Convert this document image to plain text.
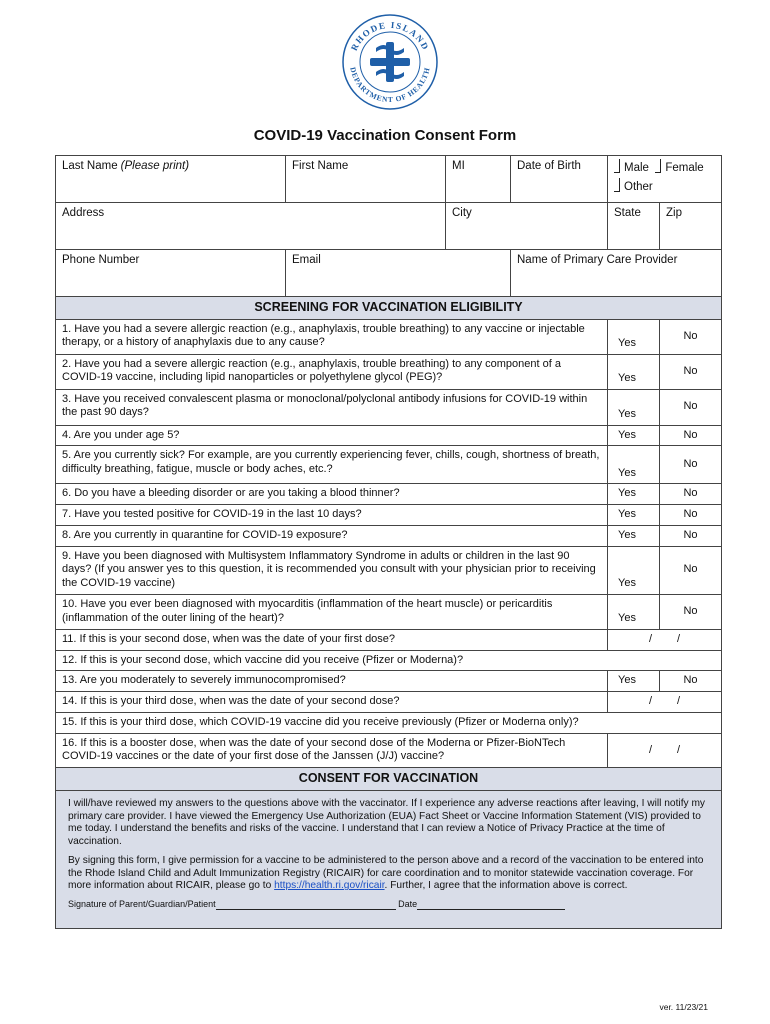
RHODE ISLAND
DEPARTMENT OF HEALTH
COVID-19 Vaccination Consent Form
Last Name (Please print)	First Name	MI	Date of Birth	Male Female
Other	

Address		City		State	Zip
Phone Number	Email		Name of Primary Care Provider		
SCREENING FOR VACCINATION ELIGIBILITY					
1. Have you had a severe allergic reaction (e.g., anaphylaxis, trouble breathing) to any vaccine or injectable therapy, or a history of anaphylaxis due to any cause?				Yes	No
2. Have you had a severe allergic reaction (e.g., anaphylaxis, trouble breathing) to any component of a COVID-19 vaccine, including lipid nanoparticles or polyethylene glycol (PEG)?				Yes	No
3. Have you received convalescent plasma or monoclonal/polyclonal antibody infusions for COVID-19 within the past 90 days?				Yes	No
4. Are you under age 5?				Yes	No
5. Are you currently sick? For example, are you currently experiencing fever, chills, cough, shortness of breath, difficulty breathing, fatigue, muscle or body aches, etc.?				Yes	No
6. Do you have a bleeding disorder or are you taking a blood thinner?				Yes	No
7. Have you tested positive for COVID-19 in the last 10 days?				Yes	No
8. Are you currently in quarantine for COVID-19 exposure?				Yes	No
9. Have you been diagnosed with Multisystem Inflammatory Syndrome in adults or children in the last 90 days? (If you answer yes to this question, it is recommended you consult with your physician prior to receiving the COVID-19 vaccine)				Yes	No
10. Have you ever been diagnosed with myocarditis (inflammation of the heart muscle) or pericarditis (inflammation of the outer lining of the heart)?				Yes	No
11. If this is your second dose, when was the date of your first dose?				/ /	
12. If this is your second dose, which vaccine did you receive (Pfizer or Moderna)?					
13. Are you moderately to severely immunocompromised?				Yes	No
14. If this is your third dose, when was the date of your second dose?				/ /	
15. If this is your third dose, which COVID-19 vaccine did you receive previously (Pfizer or Moderna only)?					
16. If this is a booster dose, when was the date of your second dose of the Moderna or Pfizer-BioNTech COVID-19 vaccines or the date of your first dose of the Janssen (J/J) vaccine?				/ /	
CONSENT FOR VACCINATION					

I will/have reviewed my answers to the questions above with the vaccinator. If I experience any adverse reactions after leaving, I will notify my primary care provider. I have viewed the Emergency Use Authorization (EUA) Fact Sheet or Vaccine Information Statement (VIS) provided to me today. I understand the benefits and risks of the vaccine. I understand that I can review a Notice of Privacy Practice at the time of vaccination.

By signing this form, I give permission for a vaccine to be administered to the person above and a record of the vaccination to be entered into the Rhode Island Child and Adult Immunization Registry (RICAIR) for care coordination and to monitor statewide vaccination coverage. For more information about RICAIR, please go to https://health.ri.gov/ricair. Further, I agree that the information above is correct.

Signature of Parent/Guardian/Patient Date					
ver. 11/23/21
